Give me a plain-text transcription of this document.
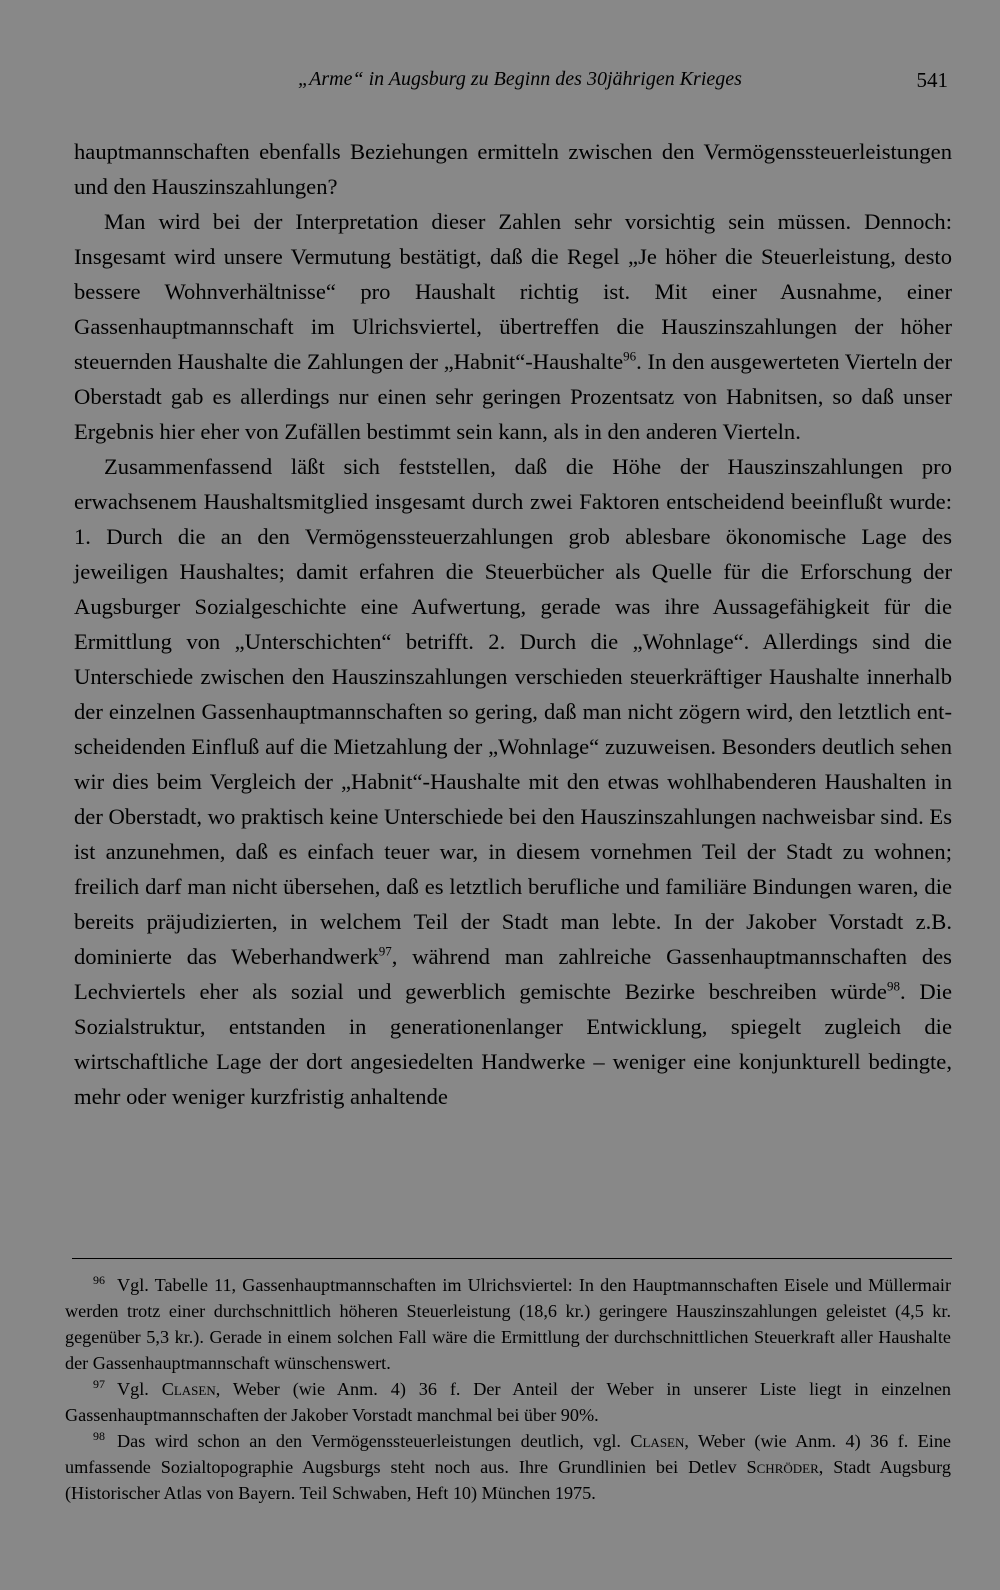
„Arme“ in Augsburg zu Beginn des 30jährigen Krieges	541

hauptmannschaften ebenfalls Beziehungen ermitteln zwischen den Vermögenssteuerleistungen und den Hauszinszahlungen?

Man wird bei der Interpretation dieser Zahlen sehr vorsichtig sein müssen. Dennoch: Insgesamt wird unsere Vermutung bestätigt, daß die Regel „Je höher die Steuerleistung, desto bessere Wohnverhältnisse“ pro Haushalt richtig ist. Mit einer Ausnahme, einer Gassenhauptmannschaft im Ulrichsviertel, übertreffen die Hauszinszahlungen der höher steuernden Haushalte die Zahlungen der „Habnit“-Haushalte$^{96}$. In den ausgewerteten Vierteln der Oberstadt gab es allerdings nur einen sehr geringen Prozentsatz von Habnitsen, so daß unser Ergebnis hier eher von Zufällen bestimmt sein kann, als in den anderen Vierteln.

Zusammenfassend läßt sich feststellen, daß die Höhe der Hauszinszahlungen pro erwachsenem Haushaltsmitglied insgesamt durch zwei Faktoren entscheidend beeinflußt wurde: 1. Durch die an den Vermögenssteuerzahlungen grob ablesbare ökonomische Lage des jeweiligen Haushaltes; damit erfahren die Steuerbücher als Quelle für die Erforschung der Augsburger Sozialgeschichte eine Aufwertung, gerade was ihre Aussagefähigkeit für die Ermittlung von „Unterschichten“ betrifft. 2. Durch die „Wohnlage“. Allerdings sind die Unterschiede zwischen den Hauszinszahlungen verschieden steuerkräftiger Haushalte innerhalb der einzelnen Gassenhauptmannschaften so gering, daß man nicht zögern wird, den letztlich entscheidenden Einfluß auf die Mietzahlung der „Wohnlage“ zuzuweisen. Besonders deutlich sehen wir dies beim Vergleich der „Habnit“-Haushalte mit den etwas wohlhabenderen Haushalten in der Oberstadt, wo praktisch keine Unterschiede bei den Hauszinszahlungen nachweisbar sind. Es ist anzunehmen, daß es einfach teuer war, in diesem vornehmen Teil der Stadt zu wohnen; freilich darf man nicht übersehen, daß es letztlich berufliche und familiäre Bindungen waren, die bereits präjudizierten, in welchem Teil der Stadt man lebte. In der Jakober Vorstadt z.B. dominierte das Weberhandwerk$^{97}$, während man zahlreiche Gassenhauptmannschaften des Lechviertels eher als sozial und gewerblich gemischte Bezirke beschreiben würde$^{98}$. Die Sozialstruktur, entstanden in generationenlanger Entwicklung, spiegelt zugleich die wirtschaftliche Lage der dort angesiedelten Handwerke – weniger eine konjunkturell bedingte, mehr oder weniger kurzfristig anhaltende

$^{96}$ Vgl. Tabelle 11, Gassenhauptmannschaften im Ulrichsviertel: In den Hauptmannschaften Eisele und Müllermair werden trotz einer durchschnittlich höheren Steuerleistung (18,6 kr.) geringere Hauszinszahlungen geleistet (4,5 kr. gegenüber 5,3 kr.). Gerade in einem solchen Fall wäre die Ermittlung der durchschnittlichen Steuerkraft aller Haushalte der Gassenhauptmannschaft wünschenswert.

$^{97}$ Vgl. Clasen, Weber (wie Anm. 4) 36 f. Der Anteil der Weber in unserer Liste liegt in einzelnen Gassenhauptmannschaften der Jakober Vorstadt manchmal bei über 90%.

$^{98}$ Das wird schon an den Vermögenssteuerleistungen deutlich, vgl. Clasen, Weber (wie Anm. 4) 36 f. Eine umfassende Sozialtopographie Augsburgs steht noch aus. Ihre Grundlinien bei Detlev Schröder, Stadt Augsburg (Historischer Atlas von Bayern. Teil Schwaben, Heft 10) München 1975.
